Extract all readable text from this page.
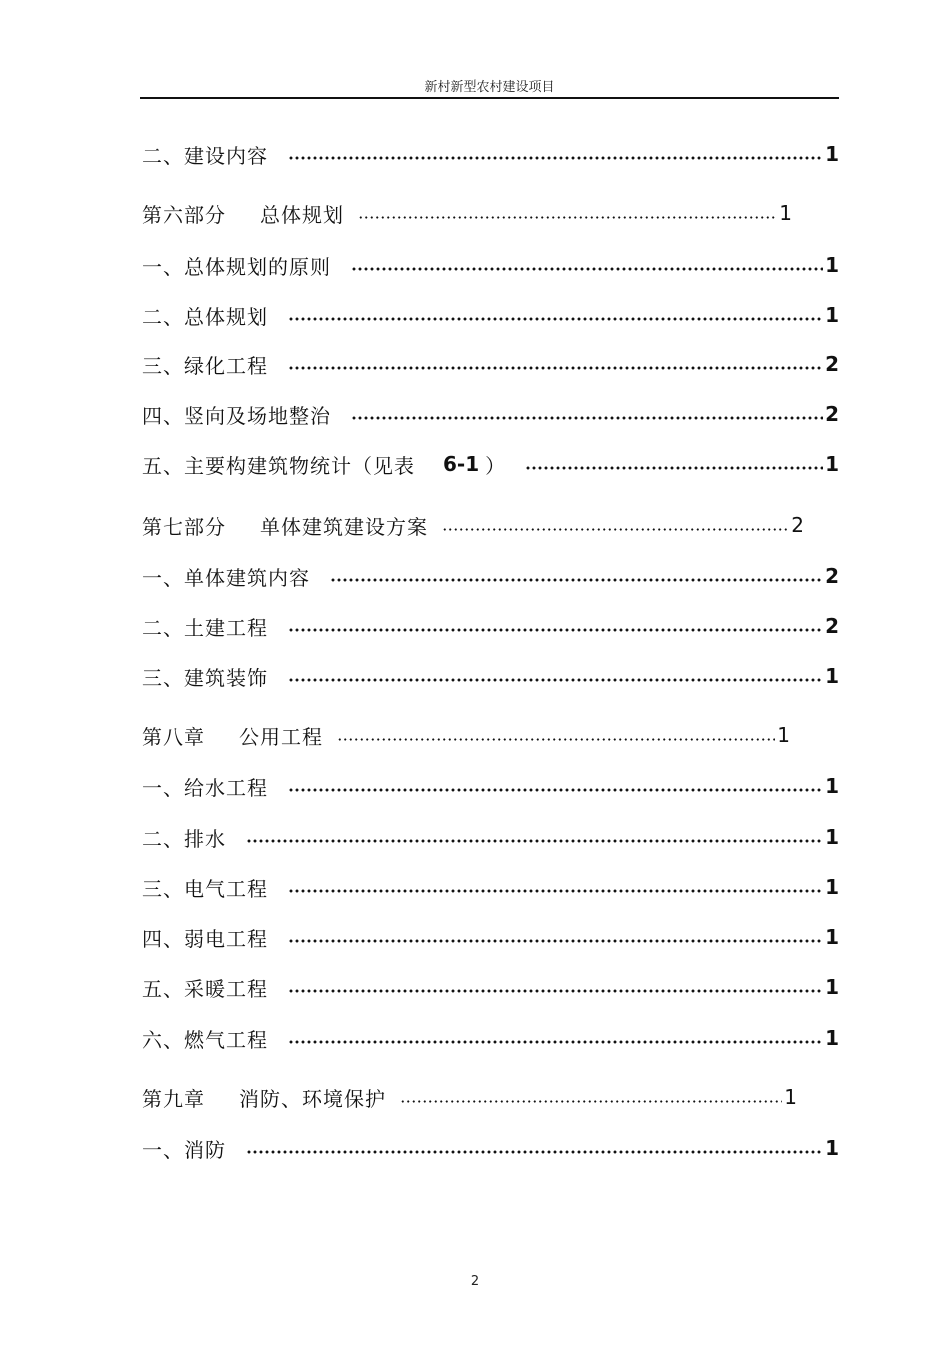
新村新型农村建设项目
二、建设内容	1
第六部分 总体规划	1
一、总体规划的原则	1
二、总体规划	1
三、绿化工程	2
四、竖向及场地整治	2
五、主要构建筑物统计（见表 6-1 ）	1
第七部分 单体建筑建设方案	2
一、单体建筑内容	2
二、土建工程	2
三、建筑装饰	1
第八章 公用工程	1
一、给水工程	1
二、排水	1
三、电气工程	1
四、弱电工程	1
五、采暖工程	1
六、燃气工程	1
第九章 消防、环境保护	1
一、消防	1
2
